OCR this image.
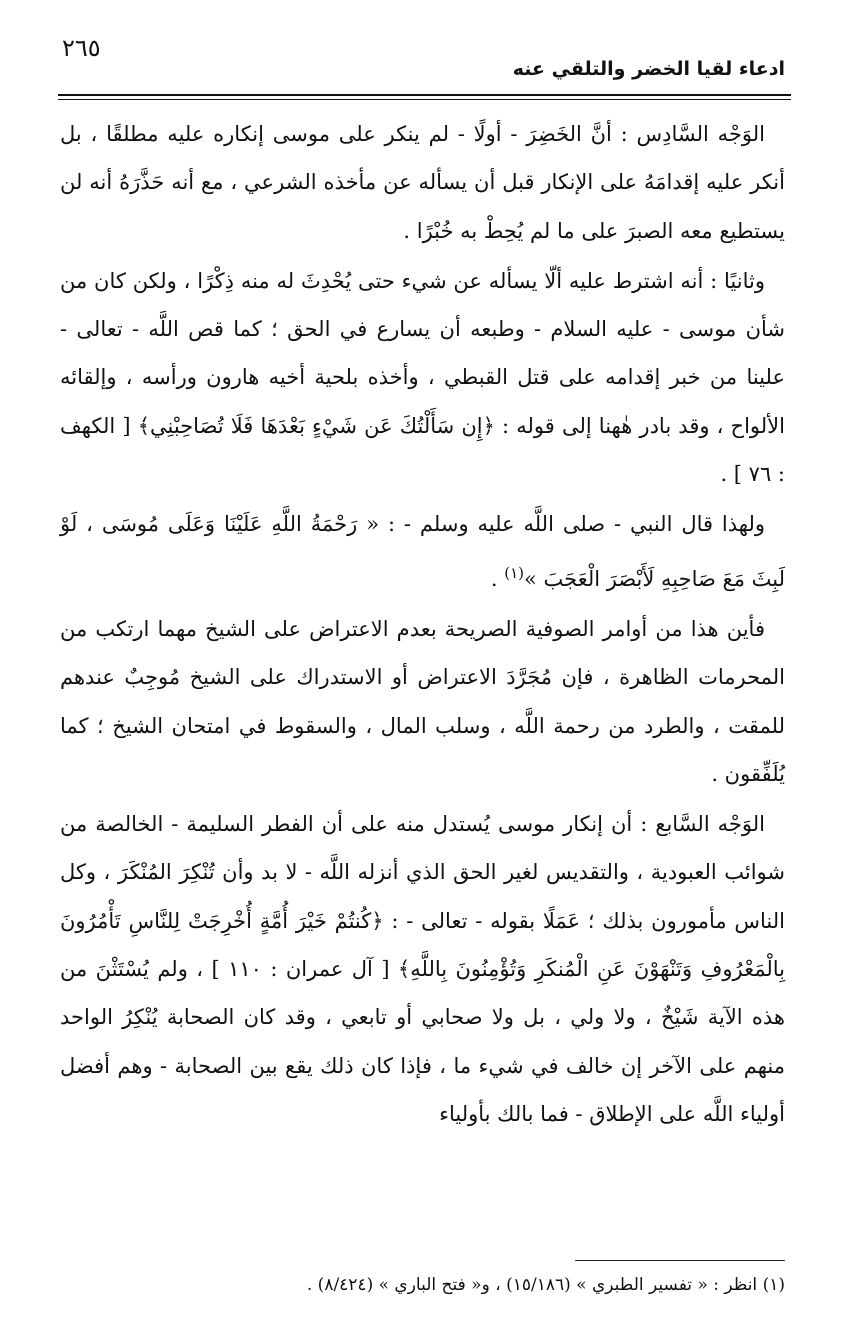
٢٦٥
ادعاء لقيا الخضر والتلقي عنه

الوَجْه السَّادِس : أنَّ الخَضِرَ - أولًا - لم ينكر على موسى إنكاره عليه مطلقًا ، بل أنكر عليه إقدامَهُ على الإنكار قبل أن يسأله عن مأخذه الشرعي ، مع أنه حَذَّرَهُ أنه لن يستطيع معه الصبرَ على ما لم يُحِطْ به خُبْرًا .

وثانيًا : أنه اشترط عليه ألّا يسأله عن شيء حتى يُحْدِثَ له منه ذِكْرًا ، ولكن كان من شأن موسى - عليه السلام - وطبعه أن يسارع في الحق ؛ كما قص اللَّه - تعالى - علينا من خبر إقدامه على قتل القبطي ، وأخذه بلحية أخيه هارون ورأسه ، وإلقائه الألواح ، وقد بادر هٰهنا إلى قوله : ﴿إِن سَأَلْتُكَ عَن شَيْءٍ بَعْدَهَا فَلَا تُصَاحِبْنِي﴾ [ الكهف : ٧٦ ] .

ولهذا قال النبي - صلى اللَّه عليه وسلم - : « رَحْمَةُ اللَّهِ عَلَيْنَا وَعَلَى مُوسَى ، لَوْ لَبِثَ مَعَ صَاحِبِهِ لَأَبْصَرَ الْعَجَبَ »$^{(١)}$ .

فأين هذا من أوامر الصوفية الصريحة بعدم الاعتراض على الشيخ مهما ارتكب من المحرمات الظاهرة ، فإن مُجَرَّدَ الاعتراض أو الاستدراك على الشيخ مُوجِبٌ عندهم للمقت ، والطرد من رحمة اللَّه ، وسلب المال ، والسقوط في امتحان الشيخ ؛ كما يُلَفِّقون .

الوَجْه السَّابع : أن إنكار موسى يُستدل منه على أن الفطر السليمة - الخالصة من شوائب العبودية ، والتقديس لغير الحق الذي أنزله اللَّه - لا بد وأن تُنْكِرَ المُنْكَرَ ، وكل الناس مأمورون بذلك ؛ عَمَلًا بقوله - تعالى - : ﴿كُنتُمْ خَيْرَ أُمَّةٍ أُخْرِجَتْ لِلنَّاسِ تَأْمُرُونَ بِالْمَعْرُوفِ وَتَنْهَوْنَ عَنِ الْمُنكَرِ وَتُؤْمِنُونَ بِاللَّهِ﴾ [ آل عمران : ١١٠ ] ، ولم يُسْتَثْنَ من هذه الآية شَيْخٌ ، ولا ولي ، بل ولا صحابي أو تابعي ، وقد كان الصحابة يُنْكِرُ الواحد منهم على الآخر إن خالف في شيء ما ، فإذا كان ذلك يقع بين الصحابة - وهم أفضل أولياء اللَّه على الإطلاق - فما بالك بأولياء

(١) انظر : « تفسير الطبري » (١٥/١٨٦) ، و« فتح الباري » (٨/٤٢٤) .
